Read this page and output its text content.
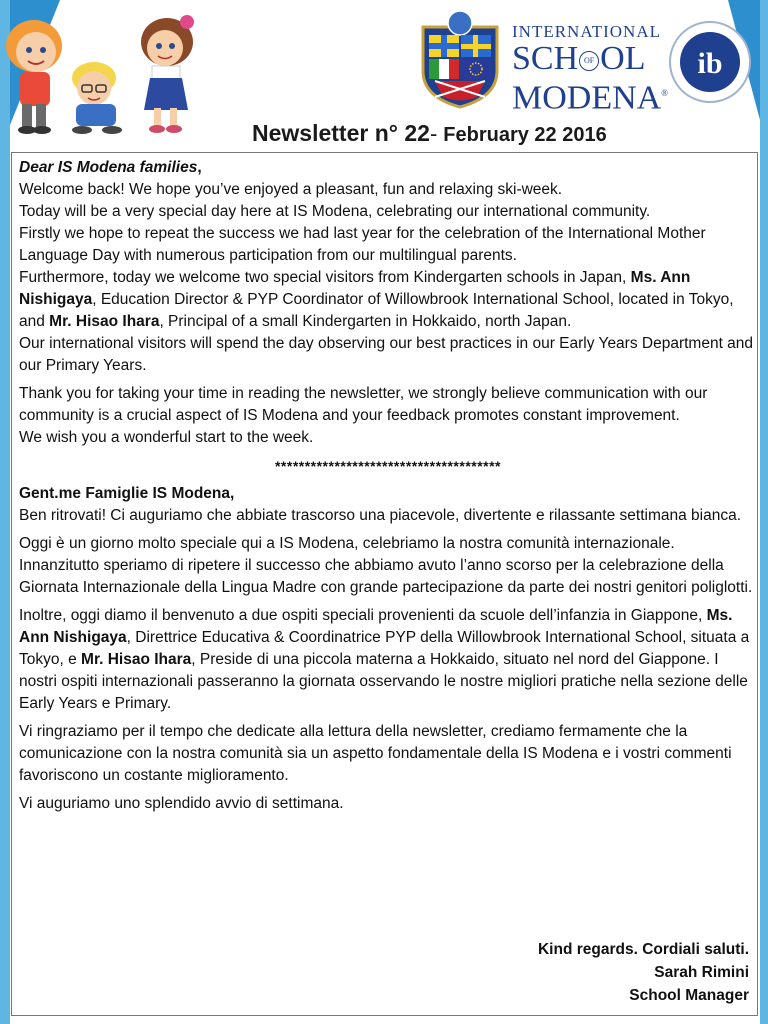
INTERNATIONAL
SCH OF OL
MODENA®
ib
Newsletter n° 22- February 22 2016

Dear IS Modena families,

Welcome back! We hope you’ve enjoyed a pleasant, fun and relaxing ski-week.

Today will be a very special day here at IS Modena, celebrating our international community.

Firstly we hope to repeat the success we had last year for the celebration of the International Mother Language Day with numerous participation from our multilingual parents.

Furthermore, today we welcome two special visitors from Kindergarten schools in Japan, Ms. Ann Nishigaya, Education Director & PYP Coordinator of Willowbrook International School, located in Tokyo, and Mr. Hisao Ihara, Principal of a small Kindergarten in Hokkaido, north Japan.

Our international visitors will spend the day observing our best practices in our Early Years Department and our Primary Years.

Thank you for taking your time in reading the newsletter, we strongly believe communication with our community is a crucial aspect of IS Modena and your feedback promotes constant improvement.

We wish you a wonderful start to the week.

**************************************

Gent.me Famiglie IS Modena,

Ben ritrovati! Ci auguriamo che abbiate trascorso una piacevole, divertente e rilassante settimana bianca.

Oggi è un giorno molto speciale qui a IS Modena, celebriamo la nostra comunità internazionale. Innanzitutto speriamo di ripetere il successo che abbiamo avuto l’anno scorso per la celebrazione della Giornata Internazionale della Lingua Madre con grande partecipazione da parte dei nostri genitori poliglotti.

Inoltre, oggi diamo il benvenuto a due ospiti speciali provenienti da scuole dell’infanzia in Giappone, Ms. Ann Nishigaya, Direttrice Educativa & Coordinatrice PYP della Willowbrook International School, situata a Tokyo, e Mr. Hisao Ihara, Preside di una piccola materna a Hokkaido, situato nel nord del Giappone. I nostri ospiti internazionali passeranno la giornata osservando le nostre migliori pratiche nella sezione delle Early Years e Primary.

Vi ringraziamo per il tempo che dedicate alla lettura della newsletter, crediamo fermamente che la comunicazione con la nostra comunità sia un aspetto fondamentale della IS Modena e i vostri commenti favoriscono un costante miglioramento.

Vi auguriamo uno splendido avvio di settimana.

Kind regards. Cordiali saluti.
Sarah Rimini
School Manager
